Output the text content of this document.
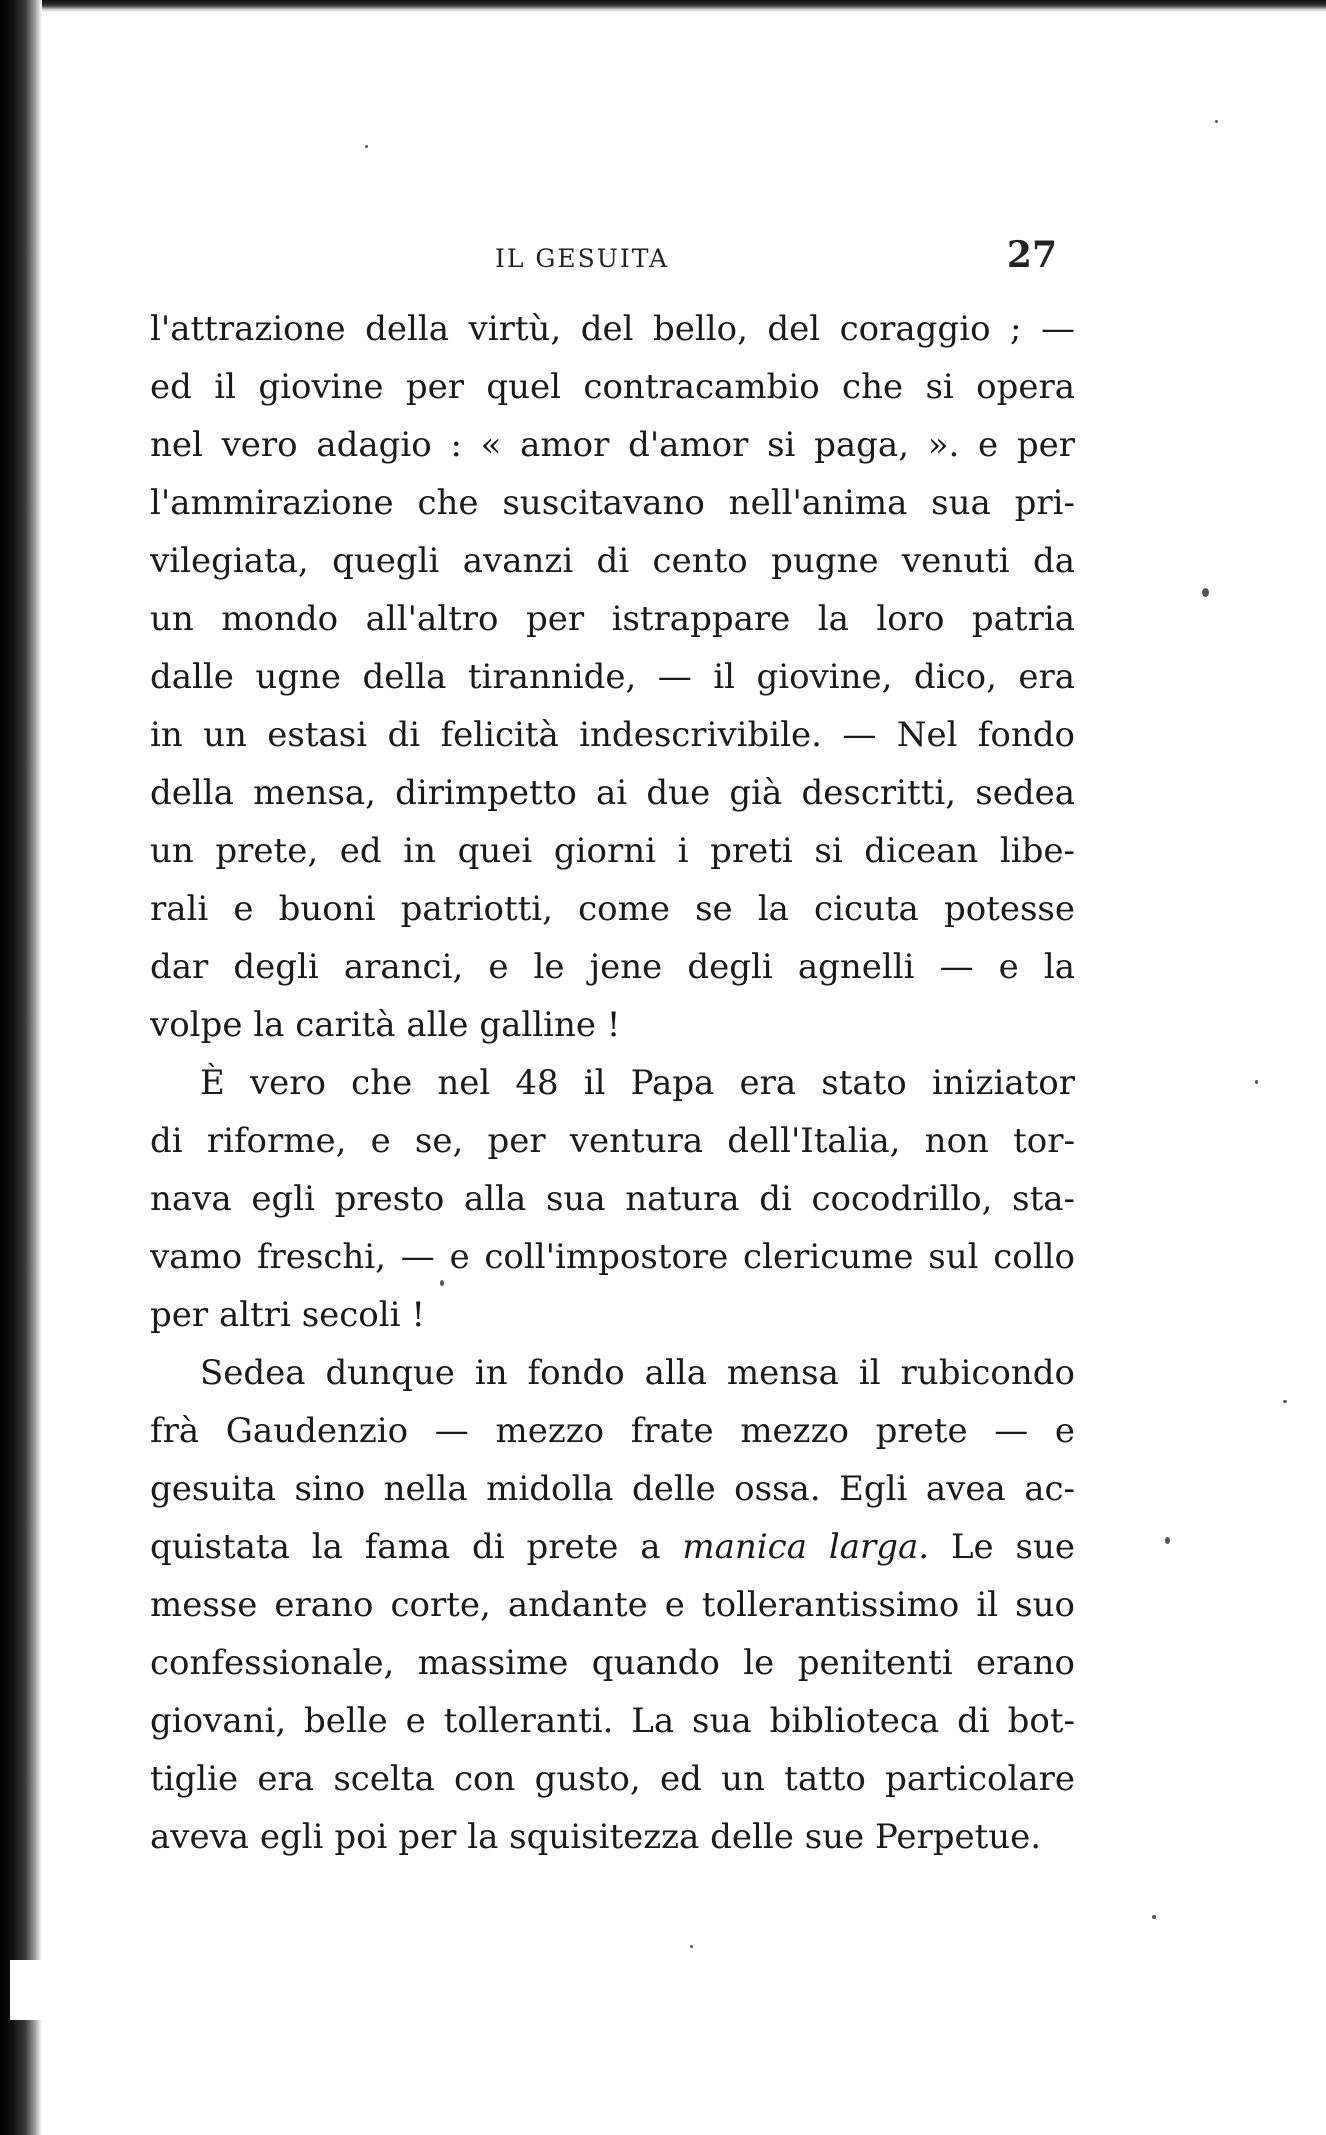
IL GESUITA	27
l'attrazione della virtù, del bello, del coraggio ; —
ed il giovine per quel contracambio che si opera
nel vero adagio : « amor d'amor si paga, ». e per
l'ammirazione che suscitavano nell'anima sua pri-
vilegiata, quegli avanzi di cento pugne venuti da
un mondo all'altro per istrappare la loro patria
dalle ugne della tirannide, — il giovine, dico, era
in un estasi di felicità indescrivibile. — Nel fondo
della mensa, dirimpetto ai due già descritti, sedea
un prete, ed in quei giorni i preti si dicean libe-
rali e buoni patriotti, come se la cicuta potesse
dar degli aranci, e le jene degli agnelli — e la
volpe la carità alle galline !
È vero che nel 48 il Papa era stato iniziator
di riforme, e se, per ventura dell'Italia, non tor-
nava egli presto alla sua natura di cocodrillo, sta-
vamo freschi, — e coll'impostore clericume sul collo
per altri secoli !
Sedea dunque in fondo alla mensa il rubicondo
frà Gaudenzio — mezzo frate mezzo prete — e
gesuita sino nella midolla delle ossa. Egli avea ac-
quistata la fama di prete a manica larga. Le sue
messe erano corte, andante e tollerantissimo il suo
confessionale, massime quando le penitenti erano
giovani, belle e tolleranti. La sua biblioteca di bot-
tiglie era scelta con gusto, ed un tatto particolare
aveva egli poi per la squisitezza delle sue Perpetue.
